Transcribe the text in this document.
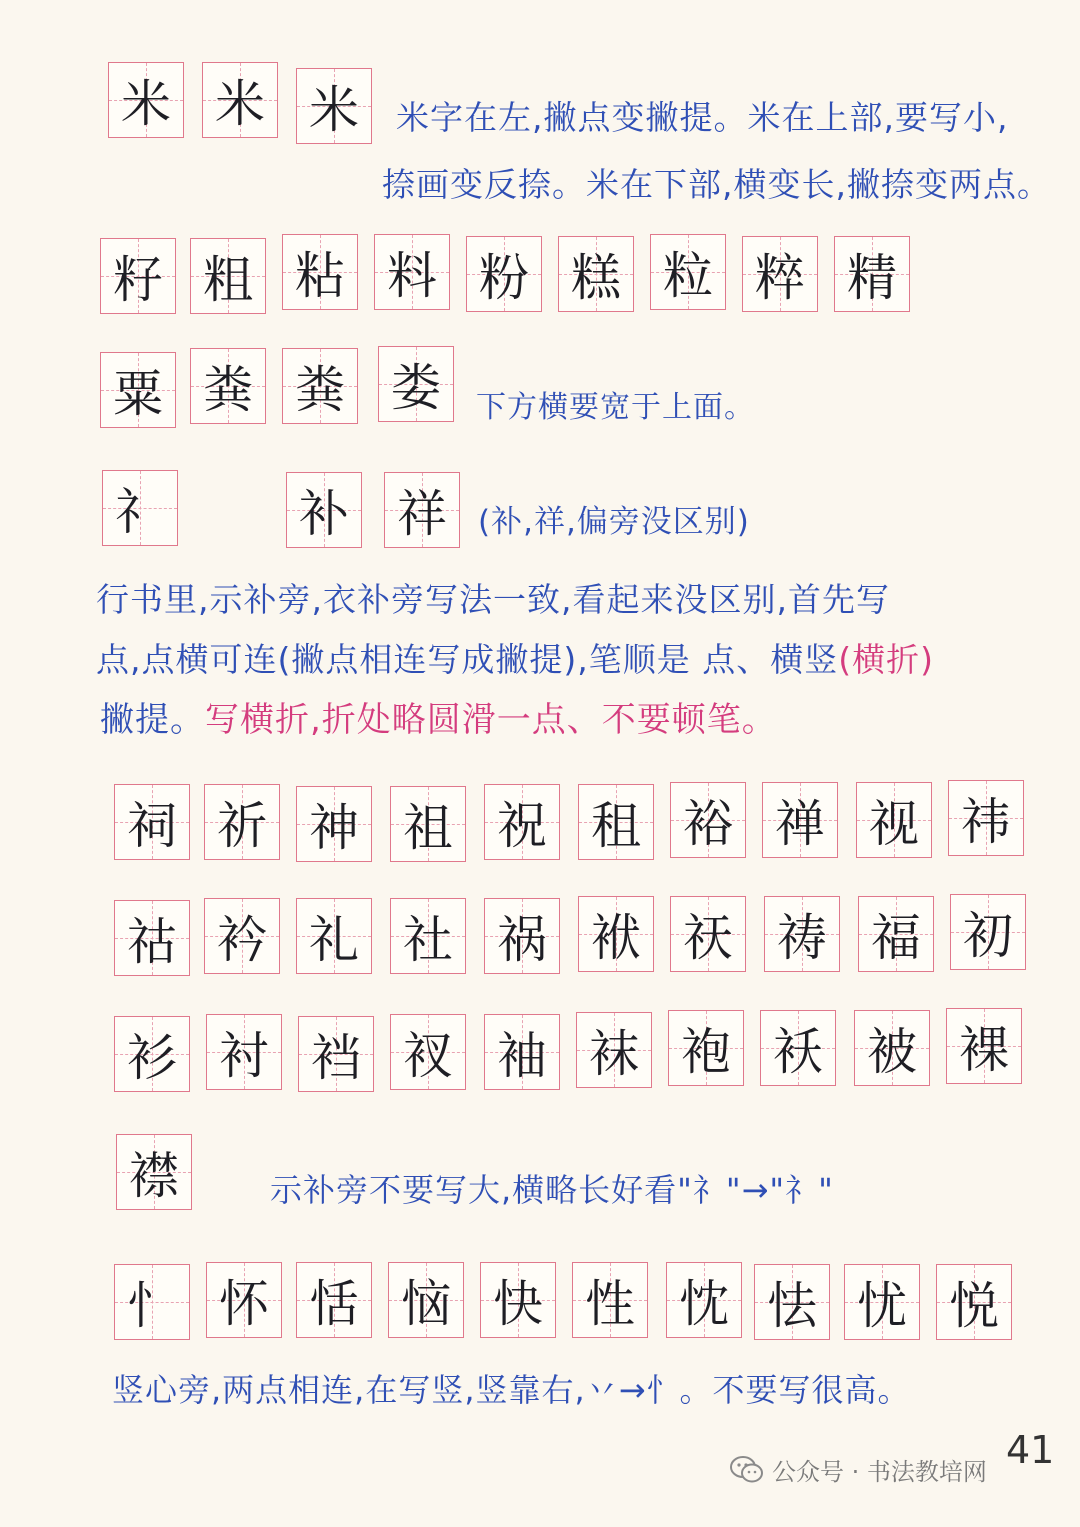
米 米 米	米字在左,撇点变撇提。米在上部,要写小,
捺画变反捺。米在下部,横变长,撇捺变两点。
籽 粗 粘 料 粉 糕 粒 粹 精
粟 粪 粪 娄	下方横要宽于上面。
礻	补 祥	(补,祥,偏旁没区别)
行书里,示补旁,衣补旁写法一致,看起来没区别,首先写
点,点横可连(撇点相连写成撇提),笔顺是 点、横竖(横折)
撇提。写横折,折处略圆滑一点、不要顿笔。
祠 祈 神 祖 祝 租 裕 禅 视 祎
祜 衿 礼 社 祸 袱 祆 祷 福 初
衫 衬 裆 衩 袖 袜 袍 袄 被 裸
襟	示补旁不要写大,横略长好看"礻"→"礻"
忄 怀 恬 恼 快 性 忱 怯 忧 悦
竖心旁,两点相连,在写竖,竖靠右,丷→忄。不要写很高。
公众号 · 书法教培网 41
